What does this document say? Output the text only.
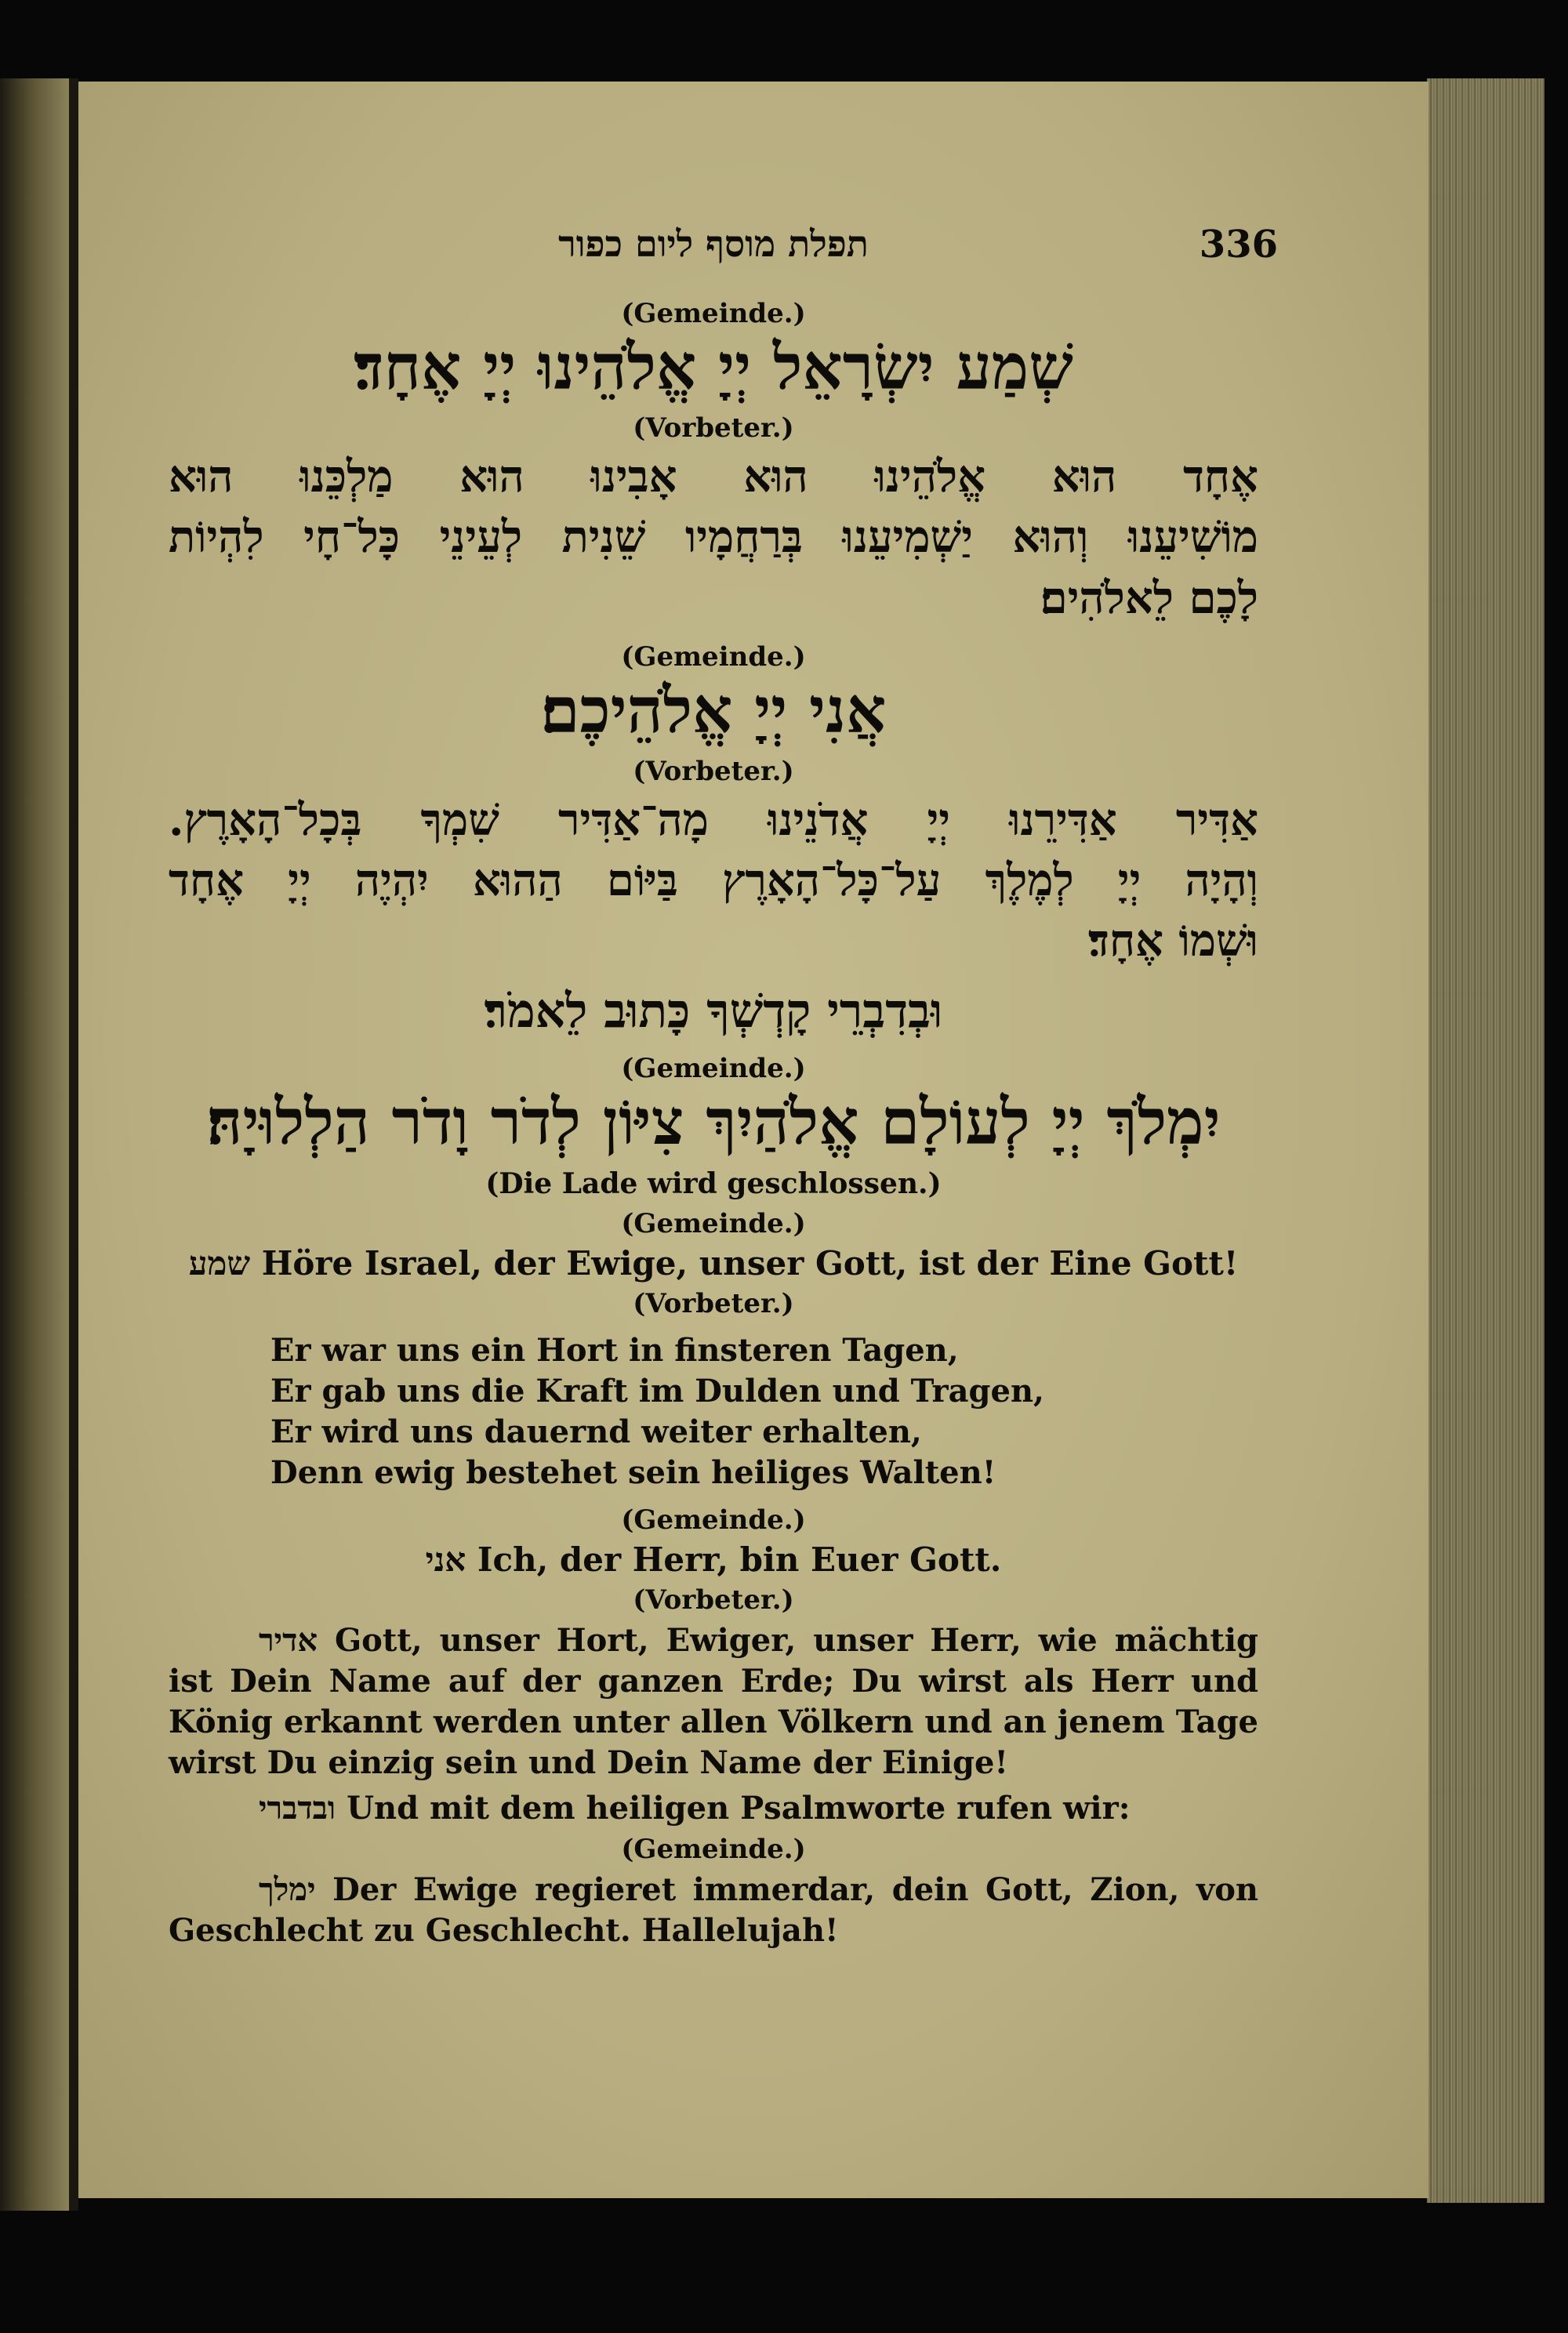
תפלת מוסף ליום כפור	336
(Gemeinde.)
שְׁמַע יִשְׂרָאֵל יְיָ אֱלֹהֵינוּ יְיָ אֶחָד׃
(Vorbeter.)

אֶחָד הוּא אֱלֹהֵינוּ הוּא אָבִינוּ הוּא מַלְכֵּנוּ הוּא

מוֹשִׁיעֵנוּ וְהוּא יַשְׁמִיעֵנוּ בְּרַחֲמָיו שֵׁנִית לְעֵינֵי כָּל־חָי לִהְיוֹת

לָכֶם לֵאלֹהִים׃

(Gemeinde.)
אֲנִי יְיָ אֱלֹהֵיכֶם׃
(Vorbeter.)

אַדִּיר אַדִּירֵנוּ יְיָ אֲדֹנֵינוּ מָה־אַדִּיר שִׁמְךָ בְּכָל־הָאָרֶץ.

וְהָיָה יְיָ לְמֶלֶךְ עַל־כָּל־הָאָרֶץ בַּיּוֹם הַהוּא יִהְיֶה יְיָ אֶחָד

וּשְׁמוֹ אֶחָד׃

וּבְדִבְרֵי קָדְשְׁךָ כָּתוּב לֵאמֹר׃
(Gemeinde.)
יִמְלֹךְ יְיָ לְעוֹלָם אֱלֹהַיִךְ צִיּוֹן לְדֹר וָדֹר הַלְלוּיָהּ׃
(Die Lade wird geschlossen.)
(Gemeinde.)
שמע Höre Israel, der Ewige, unser Gott, ist der Eine Gott!
(Vorbeter.)
Er war uns ein Hort in finsteren Tagen,
Er gab uns die Kraft im Dulden und Tragen,
Er wird uns dauernd weiter erhalten,
Denn ewig bestehet sein heiliges Walten!
(Gemeinde.)
אני Ich, der Herr, bin Euer Gott.
(Vorbeter.)
אדיר Gott, unser Hort, Ewiger, unser Herr, wie mächtig ist Dein Name auf der ganzen Erde; Du wirst als Herr und König erkannt werden unter allen Völkern und an jenem Tage wirst Du einzig sein und Dein Name der Einige!
ובדברי Und mit dem heiligen Psalmworte rufen wir:
(Gemeinde.)
ימלך Der Ewige regieret immerdar, dein Gott, Zion, von Geschlecht zu Geschlecht. Hallelujah!
